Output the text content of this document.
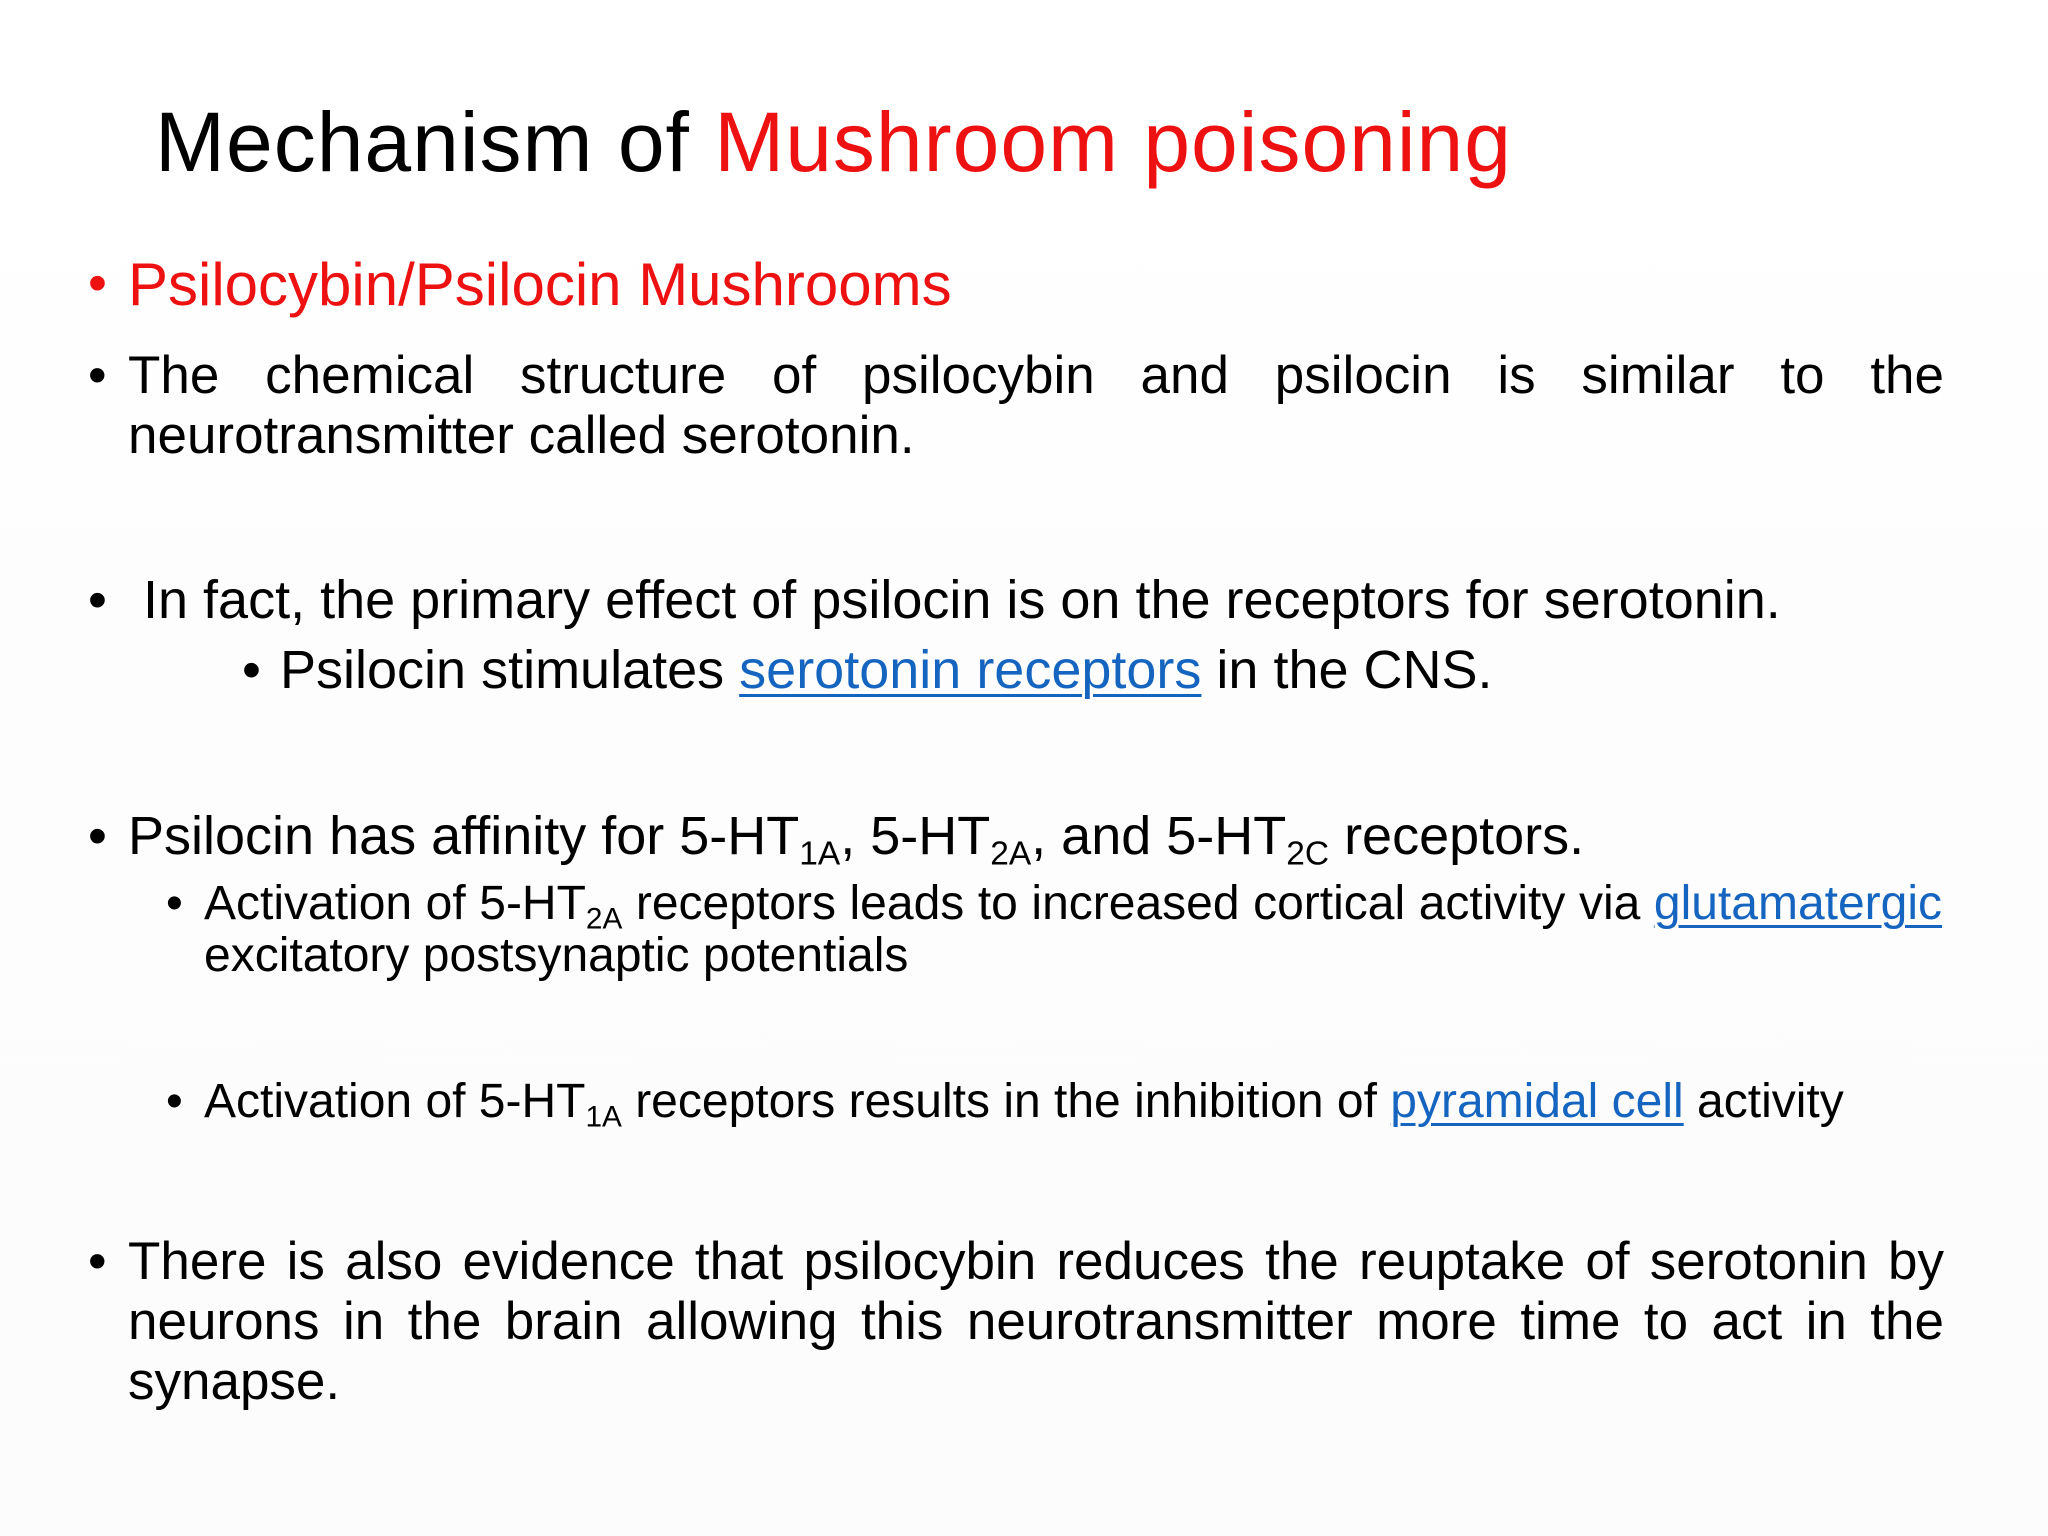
Mechanism of Mushroom poisoning
• Psilocybin/Psilocin Mushrooms
• The chemical structure of psilocybin and psilocin is similar to the neurotransmitter called serotonin.
• In fact, the primary effect of psilocin is on the receptors for serotonin.
• Psilocin stimulates serotonin receptors in the CNS.
• Psilocin has affinity for $5-HT_{1A}$, $5-HT_{2A}$, and $5-HT_{2C}$ receptors.
• Activation of $5-HT_{2A}$ receptors leads to increased cortical activity via glutamatergic excitatory postsynaptic potentials
• Activation of $5-HT_{1A}$ receptors results in the inhibition of pyramidal cell activity
• There is also evidence that psilocybin reduces the reuptake of serotonin by neurons in the brain allowing this neurotransmitter more time to act in the synapse.
